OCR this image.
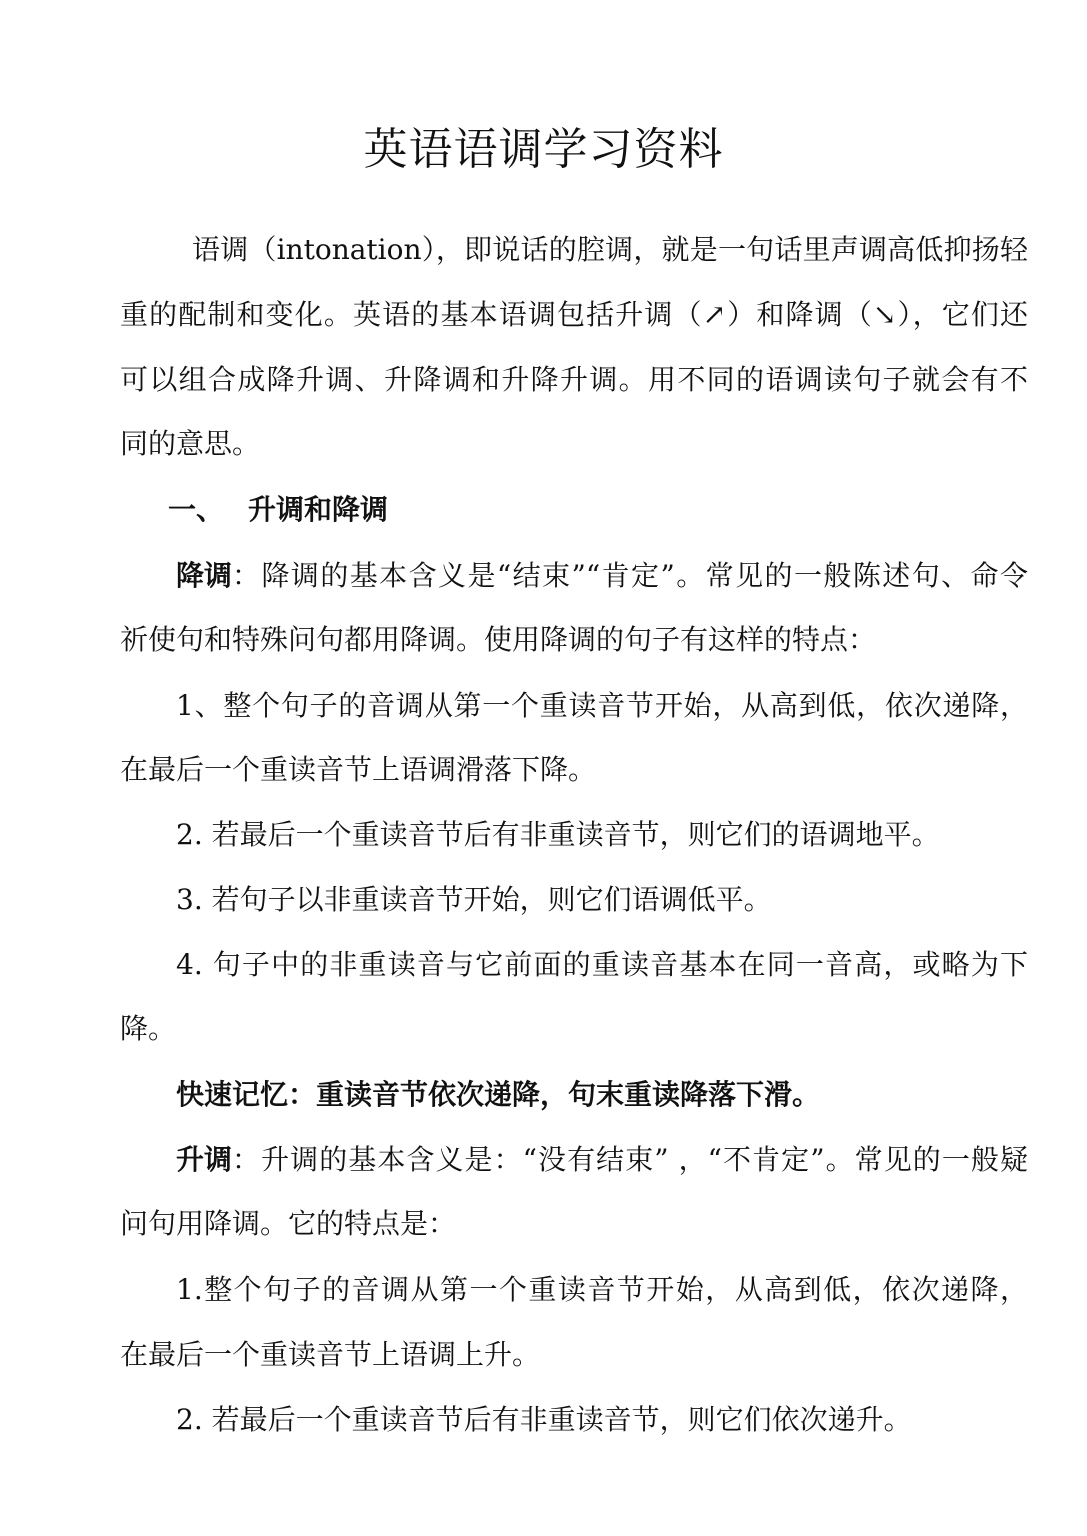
英语语调学习资料
语调（intonation），即说话的腔调，就是一句话里声调高低抑扬轻
重的配制和变化。英语的基本语调包括升调（↗）和降调（↘），它们还
可以组合成降升调、升降调和升降升调。用不同的语调读句子就会有不
同的意思。
一、 升调和降调
降调 ：降调的基本含义是“结束”“肯定”。常见的一般陈述句、命令
祈使句和特殊问句都用降调。使用降调的句子有这样的特点：
1、整个句子的音调从第一个重读音节开始，从高到低，依次递降，
在最后一个重读音节上语调滑落下降。
2. 若最后一个重读音节后有非重读音节，则它们的语调地平。
3. 若句子以非重读音节开始，则它们语调低平。
4. 句子中的非重读音与它前面的重读音基本在同一音高，或略为下
降。
快速记忆：重读音节依次递降，句末重读降落下滑。
升调 ：升调的基本含义是：“没有结束” ，“不肯定”。常见的一般疑
问句用降调。它的特点是：
1.整个句子的音调从第一个重读音节开始，从高到低，依次递降，
在最后一个重读音节上语调上升。
2. 若最后一个重读音节后有非重读音节，则它们依次递升。
